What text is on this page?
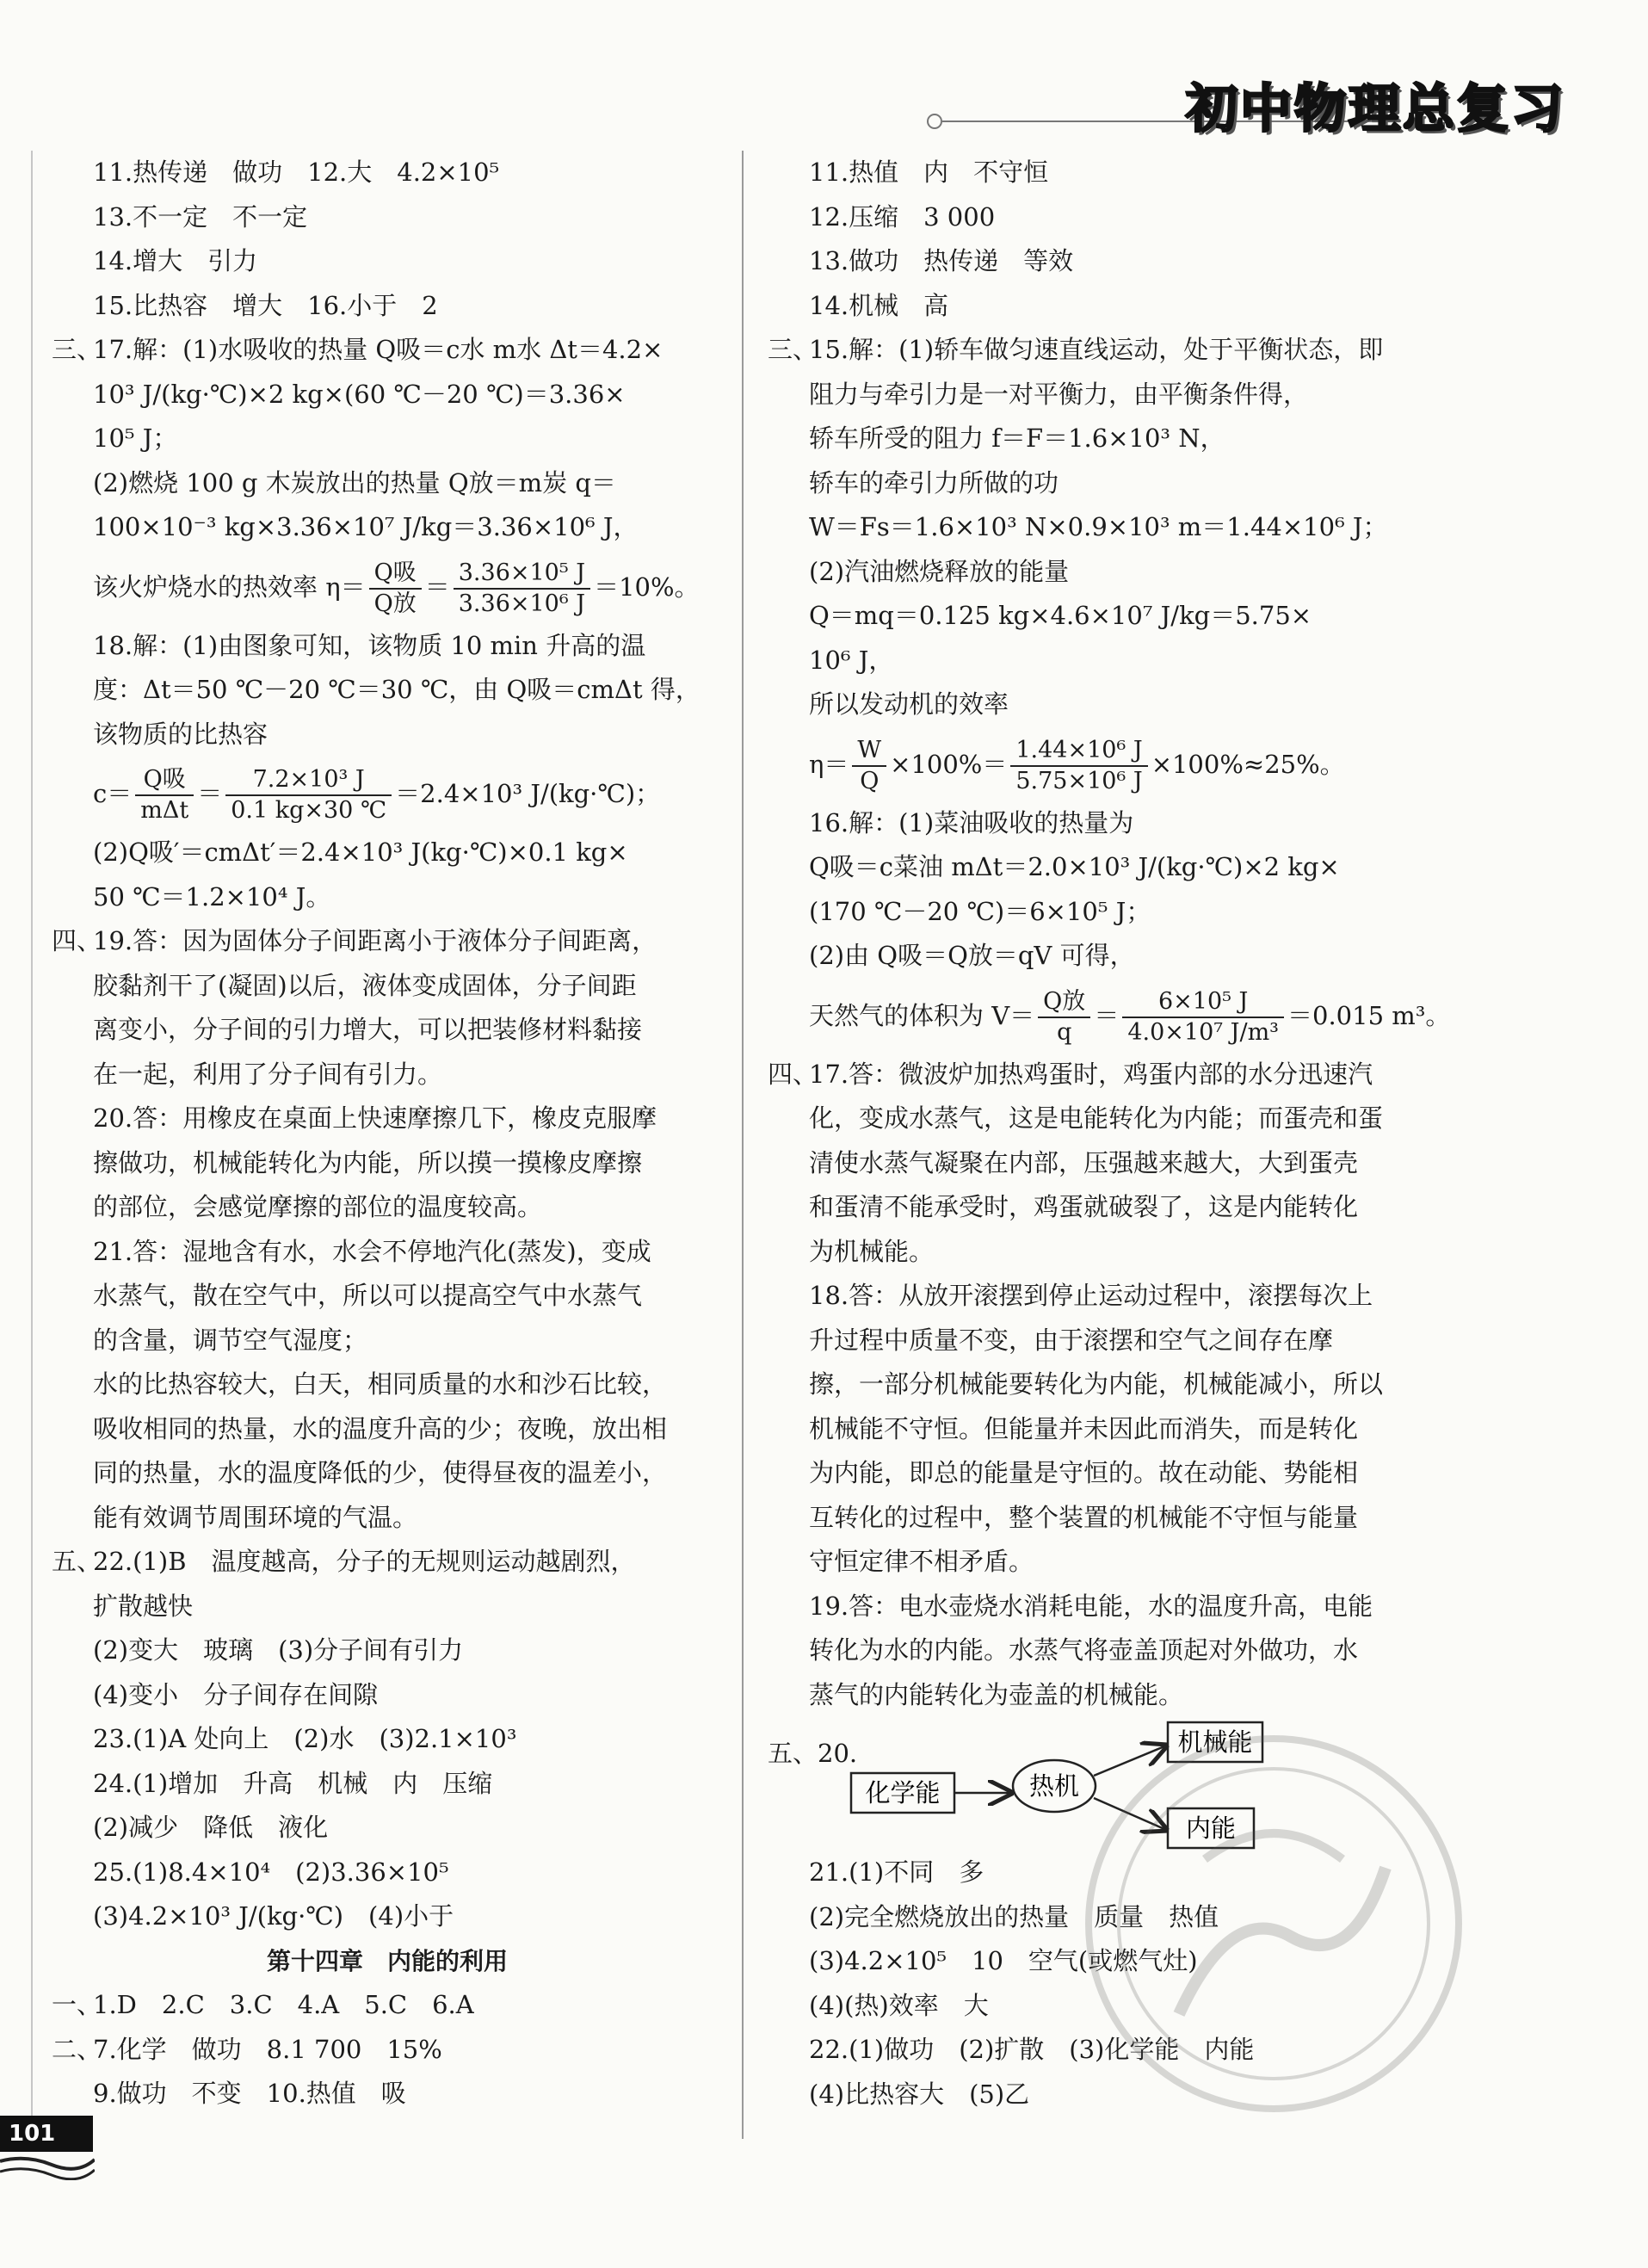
初中物理总复习
11.热传递　做功　12.大　4.2×10⁵
13.不一定　不一定
14.增大　引力
15.比热容　增大　16.小于　2
三、17.解：(1)水吸收的热量 Q吸＝c水 m水 Δt＝4.2×
10³ J/(kg·℃)×2 kg×(60 ℃－20 ℃)＝3.36×
10⁵ J；
(2)燃烧 100 g 木炭放出的热量 Q放＝m炭 q＝
100×10⁻³ kg×3.36×10⁷ J/kg＝3.36×10⁶ J，
该火炉烧水的热效率 $\eta= \frac{\text{Q吸}}{\text{Q放}} = \frac{\text{3.36×10⁵ J}}{\text{3.36×10⁶ J}} =10\%$。
18.解：(1)由图象可知，该物质 10 min 升高的温
度：Δt＝50 ℃－20 ℃＝30 ℃，由 Q吸＝cmΔt 得，
该物质的比热容
$c= \frac{\text{Q吸}}{\text{mΔt}} = \frac{\text{7.2×10³ J}}{0.1 kg\times 30 ℃} =2.4\times 10^3$ J/(kg·℃)；
(2)Q吸′＝cmΔt′＝2.4×10³ J(kg·℃)×0.1 kg×
50 ℃＝1.2×10⁴ J。
四、19.答：因为固体分子间距离小于液体分子间距离，
胶黏剂干了(凝固)以后，液体变成固体，分子间距
离变小，分子间的引力增大，可以把装修材料黏接
在一起，利用了分子间有引力。
20.答：用橡皮在桌面上快速摩擦几下，橡皮克服摩
擦做功，机械能转化为内能，所以摸一摸橡皮摩擦
的部位，会感觉摩擦的部位的温度较高。
21.答：湿地含有水，水会不停地汽化(蒸发)，变成
水蒸气，散在空气中，所以可以提高空气中水蒸气
的含量，调节空气湿度；
水的比热容较大，白天，相同质量的水和沙石比较，
吸收相同的热量，水的温度升高的少；夜晚，放出相
同的热量，水的温度降低的少，使得昼夜的温差小，
能有效调节周围环境的气温。
五、22.(1)B　温度越高，分子的无规则运动越剧烈，
扩散越快
(2)变大　玻璃　(3)分子间有引力
(4)变小　分子间存在间隙
23.(1)A 处向上　(2)水　(3)2.1×10³
24.(1)增加　升高　机械　内　压缩
(2)减少　降低　液化
25.(1)8.4×10⁴　(2)3.36×10⁵
(3)4.2×10³ J/(kg·℃)　(4)小于
第十四章　内能的利用
一、1.D　2.C　3.C　4.A　5.C　6.A
二、7.化学　做功　8.1 700　15%
9.做功　不变　10.热值　吸
11.热值　内　不守恒
12.压缩　3 000
13.做功　热传递　等效
14.机械　高
三、15.解：(1)轿车做匀速直线运动，处于平衡状态，即
阻力与牵引力是一对平衡力，由平衡条件得，
轿车所受的阻力 f＝F＝1.6×10³ N，
轿车的牵引力所做的功
W＝Fs＝1.6×10³ N×0.9×10³ m＝1.44×10⁶ J；
(2)汽油燃烧释放的能量
Q＝mq＝0.125 kg×4.6×10⁷ J/kg＝5.75×
10⁶ J，
所以发动机的效率
$\eta= \frac{W}{Q} \times 100\%= \frac{\text{1.44×10⁶ J}}{\text{5.75×10⁶ J}} \times 100\%\approx 25\%$。
16.解：(1)菜油吸收的热量为
Q吸＝c菜油 mΔt＝2.0×10³ J/(kg·℃)×2 kg×
(170 ℃－20 ℃)＝6×10⁵ J；
(2)由 Q吸＝Q放＝qV 可得，
天然气的体积为 $V= \frac{\text{Q放}}{q} = \frac{\text{6×10⁵ J}}{\text{4.0×10⁷ J/m³}} =0.015$ m³。
四、17.答：微波炉加热鸡蛋时，鸡蛋内部的水分迅速汽
化，变成水蒸气，这是电能转化为内能；而蛋壳和蛋
清使水蒸气凝聚在内部，压强越来越大，大到蛋壳
和蛋清不能承受时，鸡蛋就破裂了，这是内能转化
为机械能。
18.答：从放开滚摆到停止运动过程中，滚摆每次上
升过程中质量不变，由于滚摆和空气之间存在摩
擦，一部分机械能要转化为内能，机械能减小，所以
机械能不守恒。但能量并未因此而消失，而是转化
为内能，即总的能量是守恒的。故在动能、势能相
互转化的过程中，整个装置的机械能不守恒与能量
守恒定律不相矛盾。
19.答：电水壶烧水消耗电能，水的温度升高，电能
转化为水的内能。水蒸气将壶盖顶起对外做功，水
蒸气的内能转化为壶盖的机械能。
五、20.
化学能	热机
机械能
内能
21.(1)不同　多
(2)完全燃烧放出的热量　质量　热值
(3)4.2×10⁵　10　空气(或燃气灶)
(4)(热)效率　大
22.(1)做功　(2)扩散　(3)化学能　内能
(4)比热容大　(5)乙
101
